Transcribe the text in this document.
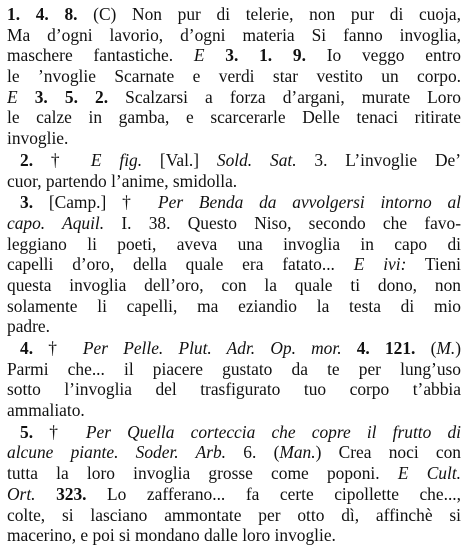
1. 4. 8. (C) Non pur di telerie, non pur di cuoja,
Ma d’ogni lavorio, d’ogni materia Si fanno invoglia,
maschere fantastiche. E 3. 1. 9. Io veggo entro
le ’nvoglie Scarnate e verdi star vestito un corpo.
E 3. 5. 2. Scalzarsi a forza d’argani, murate Loro
le calze in gamba, e scarcerarle Delle tenaci ritirate
invoglie.
2. † E fig. [Val.] Sold. Sat. 3. L’invoglie De’
cuor, partendo l’anime, smidolla.
3. [Camp.] † Per Benda da avvolgersi intorno al
capo. Aquil. I. 38. Questo Niso, secondo che favo-
leggiano li poeti, aveva una invoglia in capo di
capelli d’oro, della quale era fatato... E ivi: Tieni
questa invoglia dell’oro, con la quale ti dono, non
solamente li capelli, ma eziandio la testa di mio
padre.
4. † Per Pelle. Plut. Adr. Op. mor. 4. 121. (M.)
Parmi che... il piacere gustato da te per lung’uso
sotto l’invoglia del trasfigurato tuo corpo t’abbia
ammaliato.
5. † Per Quella corteccia che copre il frutto di
alcune piante. Soder. Arb. 6. (Man.) Crea noci con
tutta la loro invoglia grosse come poponi. E Cult.
Ort. 323. Lo zafferano... fa certe cipollette che...,
colte, si lasciano ammontate per otto dì, affinchè si
macerino, e poi si mondano dalle loro invoglie.
